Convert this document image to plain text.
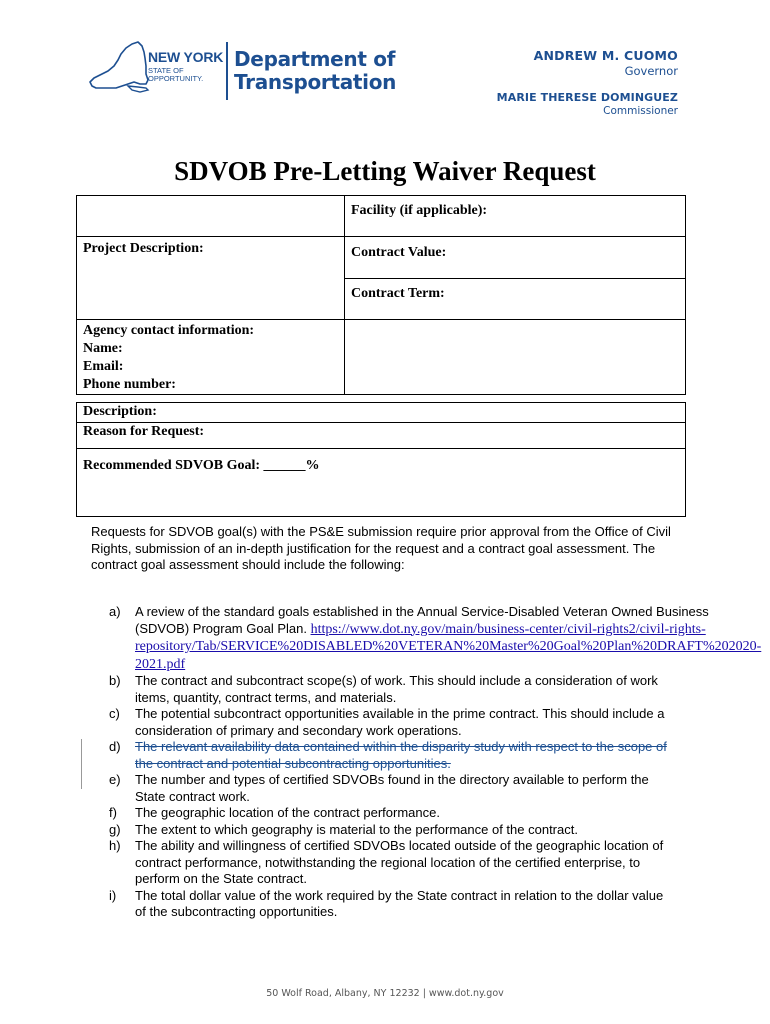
NEW YORK
STATE OF
OPPORTUNITY.
Department of
Transportation
ANDREW M. CUOMO
Governor
MARIE THERESE DOMINGUEZ
Commissioner
SDVOB Pre-Letting Waiver Request
	Facility (if applicable):
Project Description:	Contract Value:
	Contract Term:

Agency contact information:
Name:
Email:
Phone number:	

Description:
Reason for Request:
Recommended SDVOB Goal: ______%
Requests for SDVOB goal(s) with the PS&E submission require prior approval from the Office of Civil Rights, submission of an in-depth justification for the request and a contract goal assessment. The contract goal assessment should include the following:
a)	A review of the standard goals established in the Annual Service-Disabled Veteran Owned Business (SDVOB) Program Goal Plan. https://www.dot.ny.gov/main/business-center/civil-rights2/civil-rights-repository/Tab/SERVICE%20DISABLED%20VETERAN%20Master%20Goal%20Plan%20DRAFT%202020-2021.pdf
b)	The contract and subcontract scope(s) of work. This should include a consideration of work items, quantity, contract terms, and materials.
c)	The potential subcontract opportunities available in the prime contract. This should include a consideration of primary and secondary work operations.
d)	The relevant availability data contained within the disparity study with respect to the scope of the contract and potential subcontracting opportunities.
e)	The number and types of certified SDVOBs found in the directory available to perform the State contract work.
f)	The geographic location of the contract performance.
g)	The extent to which geography is material to the performance of the contract.
h)	The ability and willingness of certified SDVOBs located outside of the geographic location of contract performance, notwithstanding the regional location of the certified enterprise, to perform on the State contract.
i)	The total dollar value of the work required by the State contract in relation to the dollar value of the subcontracting opportunities.
50 Wolf Road, Albany, NY 12232 | www.dot.ny.gov
